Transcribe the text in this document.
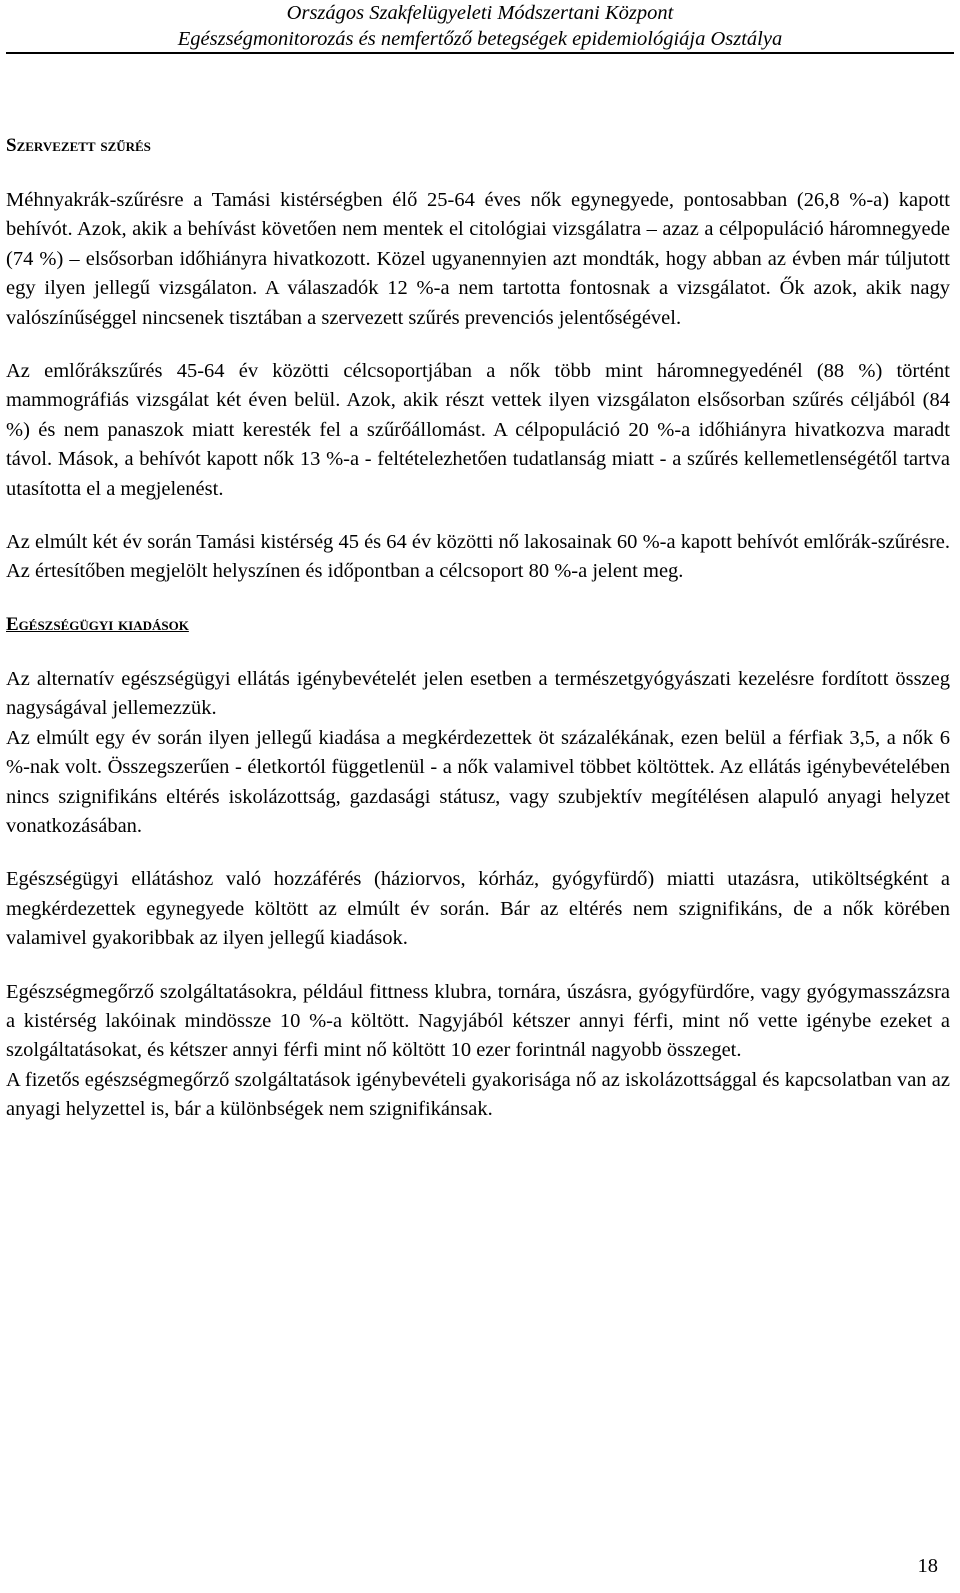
Országos Szakfelügyeleti Módszertani Központ
Egészségmonitorozás és nemfertőző betegségek epidemiológiája Osztálya
Szervezett szűrés

Méhnyakrák-szűrésre a Tamási kistérségben élő 25-64 éves nők egynegyede, pontosabban (26,8 %-a) kapott behívót. Azok, akik a behívást követően nem mentek el citológiai vizsgálatra – azaz a célpopuláció háromnegyede (74 %) – elsősorban időhiányra hivatkozott. Közel ugyanennyien azt mondták, hogy abban az évben már túljutott egy ilyen jellegű vizsgálaton. A válaszadók 12 %-a nem tartotta fontosnak a vizsgálatot. Ők azok, akik nagy valószínűséggel nincsenek tisztában a szervezett szűrés prevenciós jelentőségével.

Az emlőrákszűrés 45-64 év közötti célcsoportjában a nők több mint háromnegyedénél (88 %) történt mammográfiás vizsgálat két éven belül. Azok, akik részt vettek ilyen vizsgálaton elsősorban szűrés céljából (84 %) és nem panaszok miatt keresték fel a szűrőállomást. A célpopuláció 20 %-a időhiányra hivatkozva maradt távol. Mások, a behívót kapott nők 13 %-a - feltételezhetően tudatlanság miatt - a szűrés kellemetlenségétől tartva utasította el a megjelenést.

Az elmúlt két év során Tamási kistérség 45 és 64 év közötti nő lakosainak 60 %-a kapott behívót emlőrák-szűrésre. Az értesítőben megjelölt helyszínen és időpontban a célcsoport 80 %-a jelent meg.

Egészségügyi kiadások

Az alternatív egészségügyi ellátás igénybevételét jelen esetben a természetgyógyászati kezelésre fordított összeg nagyságával jellemezzük.

Az elmúlt egy év során ilyen jellegű kiadása a megkérdezettek öt százalékának, ezen belül a férfiak 3,5, a nők 6 %-nak volt. Összegszerűen - életkortól függetlenül - a nők valamivel többet költöttek. Az ellátás igénybevételében nincs szignifikáns eltérés iskolázottság, gazdasági státusz, vagy szubjektív megítélésen alapuló anyagi helyzet vonatkozásában.

Egészségügyi ellátáshoz való hozzáférés (háziorvos, kórház, gyógyfürdő) miatti utazásra, utiköltségként a megkérdezettek egynegyede költött az elmúlt év során. Bár az eltérés nem szignifikáns, de a nők körében valamivel gyakoribbak az ilyen jellegű kiadások.

Egészségmegőrző szolgáltatásokra, például fittness klubra, tornára, úszásra, gyógyfürdőre, vagy gyógymasszázsra a kistérség lakóinak mindössze 10 %-a költött. Nagyjából kétszer annyi férfi, mint nő vette igénybe ezeket a szolgáltatásokat, és kétszer annyi férfi mint nő költött 10 ezer forintnál nagyobb összeget.

A fizetős egészségmegőrző szolgáltatások igénybevételi gyakorisága nő az iskolázottsággal és kapcsolatban van az anyagi helyzettel is, bár a különbségek nem szignifikánsak.

18
